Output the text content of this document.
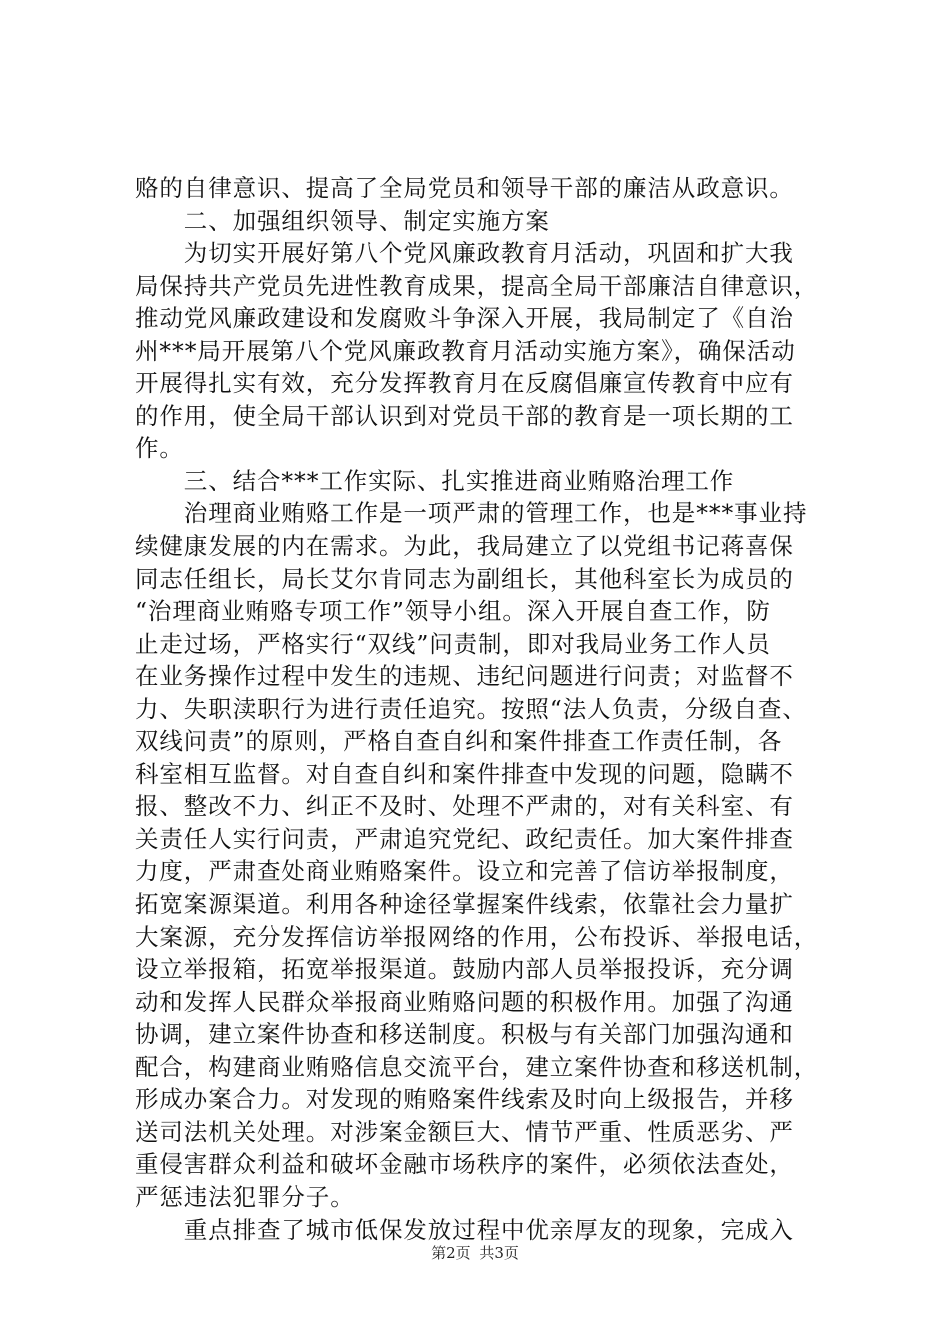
赂的自律意识、提高了全局党员和领导干部的廉洁从政意识。
　　二、加强组织领导、制定实施方案
　　为切实开展好第八个党风廉政教育月活动，巩固和扩大我
局保持共产党员先进性教育成果，提高全局干部廉洁自律意识，
推动党风廉政建设和发腐败斗争深入开展，我局制定了《自治
州***局开展第八个党风廉政教育月活动实施方案》，确保活动
开展得扎实有效，充分发挥教育月在反腐倡廉宣传教育中应有
的作用，使全局干部认识到对党员干部的教育是一项长期的工
作。
　　三、结合***工作实际、扎实推进商业贿赂治理工作
　　治理商业贿赂工作是一项严肃的管理工作，也是***事业持
续健康发展的内在需求。为此，我局建立了以党组书记蒋喜保
同志任组长，局长艾尔肯同志为副组长，其他科室长为成员的
“治理商业贿赂专项工作”领导小组。深入开展自查工作，防
止走过场，严格实行“双线”问责制，即对我局业务工作人员
在业务操作过程中发生的违规、违纪问题进行问责；对监督不
力、失职渎职行为进行责任追究。按照“法人负责，分级自查、
双线问责”的原则，严格自查自纠和案件排查工作责任制，各
科室相互监督。对自查自纠和案件排查中发现的问题，隐瞒不
报、整改不力、纠正不及时、处理不严肃的，对有关科室、有
关责任人实行问责，严肃追究党纪、政纪责任。加大案件排查
力度，严肃查处商业贿赂案件。设立和完善了信访举报制度，
拓宽案源渠道。利用各种途径掌握案件线索，依靠社会力量扩
大案源，充分发挥信访举报网络的作用，公布投诉、举报电话，
设立举报箱，拓宽举报渠道。鼓励内部人员举报投诉，充分调
动和发挥人民群众举报商业贿赂问题的积极作用。加强了沟通
协调，建立案件协查和移送制度。积极与有关部门加强沟通和
配合，构建商业贿赂信息交流平台，建立案件协查和移送机制，
形成办案合力。对发现的贿赂案件线索及时向上级报告，并移
送司法机关处理。对涉案金额巨大、情节严重、性质恶劣、严
重侵害群众利益和破坏金融市场秩序的案件，必须依法查处，
严惩违法犯罪分子。
　　重点排查了城市低保发放过程中优亲厚友的现象，完成入
第2页 共3页
